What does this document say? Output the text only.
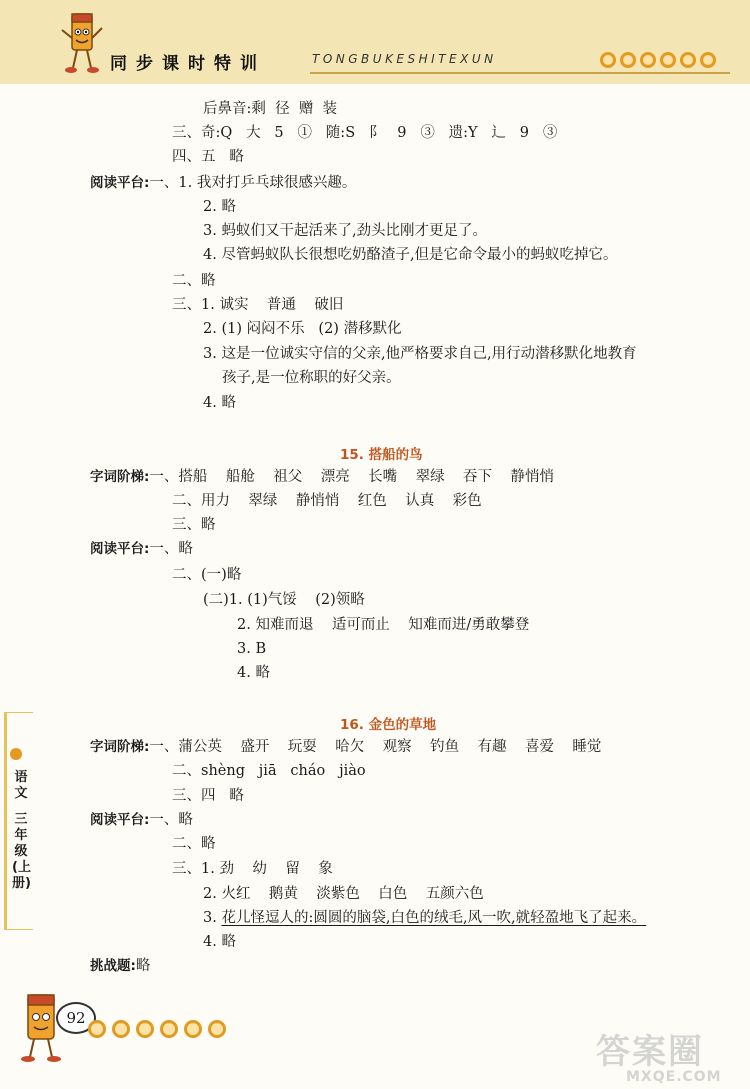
同步课时特训	TONGBUKESHITEXUN
后鼻音:剩  径  赠  装
三、奇:Q   大   5   ①   随:S   阝   9   ③   遗:Y   辶   9   ③
四、五   略
阅读平台:一、1. 我对打乒乓球很感兴趣。
2. 略
3. 蚂蚁们又干起活来了,劲头比刚才更足了。
4. 尽管蚂蚁队长很想吃奶酪渣子,但是它命令最小的蚂蚁吃掉它。
二、略
三、1. 诚实    普通    破旧
2. (1) 闷闷不乐   (2) 潜移默化
3. 这是一位诚实守信的父亲,他严格要求自己,用行动潜移默化地教育
孩子,是一位称职的好父亲。
4. 略
字词阶梯:一、搭船    船舱    祖父    漂亮    长嘴    翠绿    吞下    静悄悄
二、用力    翠绿    静悄悄    红色    认真    彩色
三、略
阅读平台:一、略
二、(一)略
(二)1. (1)气馁    (2)领略
2. 知难而退    适可而止    知难而进/勇敢攀登
3. B
4. 略
字词阶梯:一、蒲公英    盛开    玩耍    哈欠    观察    钓鱼    有趣    喜爱    睡觉
二、shèng   jiā   cháo   jiào
三、四   略
阅读平台:一、略
二、略
三、1. 劲    幼    留    象
2. 火红    鹅黄    淡紫色    白色    五颜六色
3. 花儿怪逗人的:圆圆的脑袋,白色的绒毛,风一吹,就轻盈地飞了起来。
4. 略
挑战题:略
15. 搭船的鸟
16. 金色的草地
语文
三年级(上册)
92
答案圈
MXQE.COM
